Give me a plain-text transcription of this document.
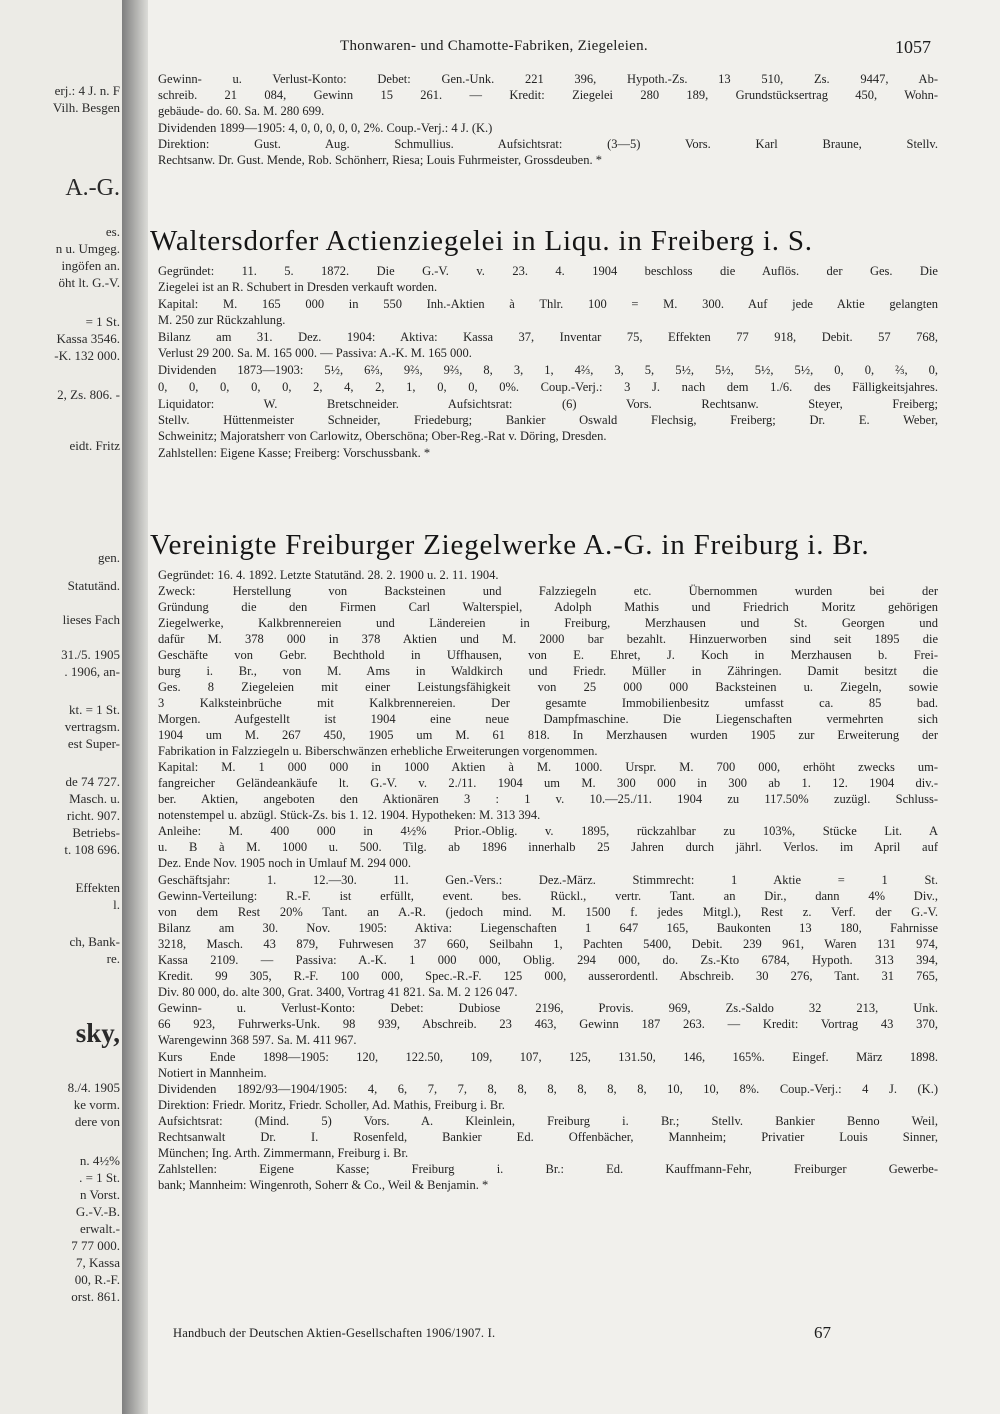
erj.: 4 J. n. F
Vilh. Besgen
A.-G.
es.
n u. Umgeg.
ingöfen an.
öht lt. G.-V.
= 1 St.
Kassa 3546.
-K. 132 000.
2, Zs. 806. -
eidt. Fritz
gen.
Statutänd.
lieses Fach
31./5. 1905
. 1906, an-
kt. = 1 St.
vertragsm.
est Super-
de 74 727.
Masch. u.
richt. 907.
Betriebs-
t. 108 696.
Effekten
l.
ch, Bank-
re.
sky,
8./4. 1905
ke vorm.
dere von
n. 4½%
. = 1 St.
n Vorst.
G.-V.-B.
erwalt.-
7 77 000.
7, Kassa
00, R.-F.
orst. 861.
Thonwaren- und Chamotte-Fabriken, Ziegeleien.	1057
Gewinn- u. Verlust-Konto: Debet: Gen.-Unk. 221 396, Hypoth.-Zs. 13 510, Zs. 9447, Ab-
schreib. 21 084, Gewinn 15 261. — Kredit: Ziegelei 280 189, Grundstücksertrag 450, Wohn-
gebäude- do. 60. Sa. M. 280 699.
Dividenden 1899—1905: 4, 0, 0, 0, 0, 0, 2%. Coup.-Verj.: 4 J. (K.)
Direktion: Gust. Aug. Schmullius. Aufsichtsrat: (3—5) Vors. Karl Braune, Stellv.
Rechtsanw. Dr. Gust. Mende, Rob. Schönherr, Riesa; Louis Fuhrmeister, Grossdeuben. *
Waltersdorfer Actienziegelei in Liqu. in Freiberg i. S.
Gegründet: 11. 5. 1872. Die G.-V. v. 23. 4. 1904 beschloss die Auflös. der Ges. Die
Ziegelei ist an R. Schubert in Dresden verkauft worden.
Kapital: M. 165 000 in 550 Inh.-Aktien à Thlr. 100 = M. 300. Auf jede Aktie gelangten
M. 250 zur Rückzahlung.
Bilanz am 31. Dez. 1904: Aktiva: Kassa 37, Inventar 75, Effekten 77 918, Debit. 57 768,
Verlust 29 200. Sa. M. 165 000. — Passiva: A.-K. M. 165 000.
Dividenden 1873—1903: 5½, 6⅔, 9⅔, 9⅔, 8, 3, 1, 4⅔, 3, 5, 5½, 5½, 5½, 5½, 0, 0, ⅔, 0,
0, 0, 0, 0, 0, 2, 4, 2, 1, 0, 0, 0%. Coup.-Verj.: 3 J. nach dem 1./6. des Fälligkeitsjahres.
Liquidator: W. Bretschneider. Aufsichtsrat: (6) Vors. Rechtsanw. Steyer, Freiberg;
Stellv. Hüttenmeister Schneider, Friedeburg; Bankier Oswald Flechsig, Freiberg; Dr. E. Weber,
Schweinitz; Majoratsherr von Carlowitz, Oberschöna; Ober-Reg.-Rat v. Döring, Dresden.
Zahlstellen: Eigene Kasse; Freiberg: Vorschussbank. *
Vereinigte Freiburger Ziegelwerke A.-G. in Freiburg i. Br.
Gegründet: 16. 4. 1892. Letzte Statutänd. 28. 2. 1900 u. 2. 11. 1904.
Zweck: Herstellung von Backsteinen und Falzziegeln etc. Übernommen wurden bei der
Gründung die den Firmen Carl Walterspiel, Adolph Mathis und Friedrich Moritz gehörigen
Ziegelwerke, Kalkbrennereien und Ländereien in Freiburg, Merzhausen und St. Georgen und
dafür M. 378 000 in 378 Aktien und M. 2000 bar bezahlt. Hinzuerworben sind seit 1895 die
Geschäfte von Gebr. Bechthold in Uffhausen, von E. Ehret, J. Koch in Merzhausen b. Frei-
burg i. Br., von M. Ams in Waldkirch und Friedr. Müller in Zähringen. Damit besitzt die
Ges. 8 Ziegeleien mit einer Leistungsfähigkeit von 25 000 000 Backsteinen u. Ziegeln, sowie
3 Kalksteinbrüche mit Kalkbrennereien. Der gesamte Immobilienbesitz umfasst ca. 85 bad.
Morgen. Aufgestellt ist 1904 eine neue Dampfmaschine. Die Liegenschaften vermehrten sich
1904 um M. 267 450, 1905 um M. 61 818. In Merzhausen wurden 1905 zur Erweiterung der
Fabrikation in Falzziegeln u. Biberschwänzen erhebliche Erweiterungen vorgenommen.
Kapital: M. 1 000 000 in 1000 Aktien à M. 1000. Urspr. M. 700 000, erhöht zwecks um-
fangreicher Geländeankäufe lt. G.-V. v. 2./11. 1904 um M. 300 000 in 300 ab 1. 12. 1904 div.-
ber. Aktien, angeboten den Aktionären 3 : 1 v. 10.—25./11. 1904 zu 117.50% zuzügl. Schluss-
notenstempel u. abzügl. Stück-Zs. bis 1. 12. 1904. Hypotheken: M. 313 394.
Anleihe: M. 400 000 in 4½% Prior.-Oblig. v. 1895, rückzahlbar zu 103%, Stücke Lit. A
u. B à M. 1000 u. 500. Tilg. ab 1896 innerhalb 25 Jahren durch jährl. Verlos. im April auf
Dez. Ende Nov. 1905 noch in Umlauf M. 294 000.
Geschäftsjahr: 1. 12.—30. 11. Gen.-Vers.: Dez.-März. Stimmrecht: 1 Aktie = 1 St.
Gewinn-Verteilung: R.-F. ist erfüllt, event. bes. Rückl., vertr. Tant. an Dir., dann 4% Div.,
von dem Rest 20% Tant. an A.-R. (jedoch mind. M. 1500 f. jedes Mitgl.), Rest z. Verf. der G.-V.
Bilanz am 30. Nov. 1905: Aktiva: Liegenschaften 1 647 165, Baukonten 13 180, Fahrnisse
3218, Masch. 43 879, Fuhrwesen 37 660, Seilbahn 1, Pachten 5400, Debit. 239 961, Waren 131 974,
Kassa 2109. — Passiva: A.-K. 1 000 000, Oblig. 294 000, do. Zs.-Kto 6784, Hypoth. 313 394,
Kredit. 99 305, R.-F. 100 000, Spec.-R.-F. 125 000, ausserordentl. Abschreib. 30 276, Tant. 31 765,
Div. 80 000, do. alte 300, Grat. 3400, Vortrag 41 821. Sa. M. 2 126 047.
Gewinn- u. Verlust-Konto: Debet: Dubiose 2196, Provis. 969, Zs.-Saldo 32 213, Unk.
66 923, Fuhrwerks-Unk. 98 939, Abschreib. 23 463, Gewinn 187 263. — Kredit: Vortrag 43 370,
Warengewinn 368 597. Sa. M. 411 967.
Kurs Ende 1898—1905: 120, 122.50, 109, 107, 125, 131.50, 146, 165%. Eingef. März 1898.
Notiert in Mannheim.
Dividenden 1892/93—1904/1905: 4, 6, 7, 7, 8, 8, 8, 8, 8, 8, 10, 10, 8%. Coup.-Verj.: 4 J. (K.)
Direktion: Friedr. Moritz, Friedr. Scholler, Ad. Mathis, Freiburg i. Br.
Aufsichtsrat: (Mind. 5) Vors. A. Kleinlein, Freiburg i. Br.; Stellv. Bankier Benno Weil,
Rechtsanwalt Dr. I. Rosenfeld, Bankier Ed. Offenbächer, Mannheim; Privatier Louis Sinner,
München; Ing. Arth. Zimmermann, Freiburg i. Br.
Zahlstellen: Eigene Kasse; Freiburg i. Br.: Ed. Kauffmann-Fehr, Freiburger Gewerbe-
bank; Mannheim: Wingenroth, Soherr & Co., Weil & Benjamin. *
Handbuch der Deutschen Aktien-Gesellschaften 1906/1907. I.	67
